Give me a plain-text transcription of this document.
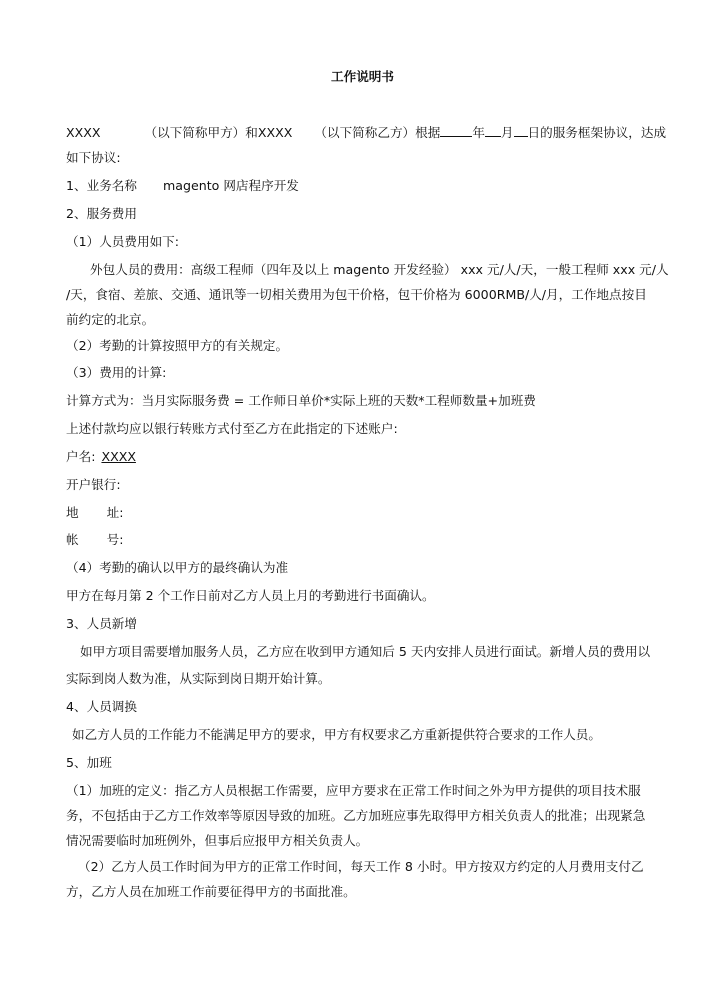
工作说明书
XXXX	（以下简称甲方）和XXXX （以下简称乙方）根据	年 月 日的服务框架协议，达成
如下协议:
1、业务名称 magento 网店程序开发
2、服务费用
（1）人员费用如下:
外包人员的费用：高级工程师（四年及以上 magento 开发经验） xxx 元/人/天，一般工程师 xxx 元/人
/天，食宿、差旅、交通、通讯等一切相关费用为包干价格，包干价格为 6000RMB/人/月，工作地点按目
前约定的北京。
（2）考勤的计算按照甲方的有关规定。
（3）费用的计算:
计算方式为：当月实际服务费 = 工作师日单价*实际上班的天数*工程师数量+加班费
上述付款均应以银行转账方式付至乙方在此指定的下述账户:
户名: XXXX
开户银行:
地 址:
帐 号:
（4）考勤的确认以甲方的最终确认为准
甲方在每月第 2 个工作日前对乙方人员上月的考勤进行书面确认。
3、人员新增
如甲方项目需要增加服务人员，乙方应在收到甲方通知后 5 天内安排人员进行面试。新增人员的费用以
实际到岗人数为准，从实际到岗日期开始计算。
4、人员调换
如乙方人员的工作能力不能满足甲方的要求，甲方有权要求乙方重新提供符合要求的工作人员。
5、加班
（1）加班的定义：指乙方人员根据工作需要，应甲方要求在正常工作时间之外为甲方提供的项目技术服
务，不包括由于乙方工作效率等原因导致的加班。乙方加班应事先取得甲方相关负责人的批准；出现紧急
情况需要临时加班例外，但事后应报甲方相关负责人。
（2）乙方人员工作时间为甲方的正常工作时间，每天工作 8 小时。甲方按双方约定的人月费用支付乙
方，乙方人员在加班工作前要征得甲方的书面批准。
